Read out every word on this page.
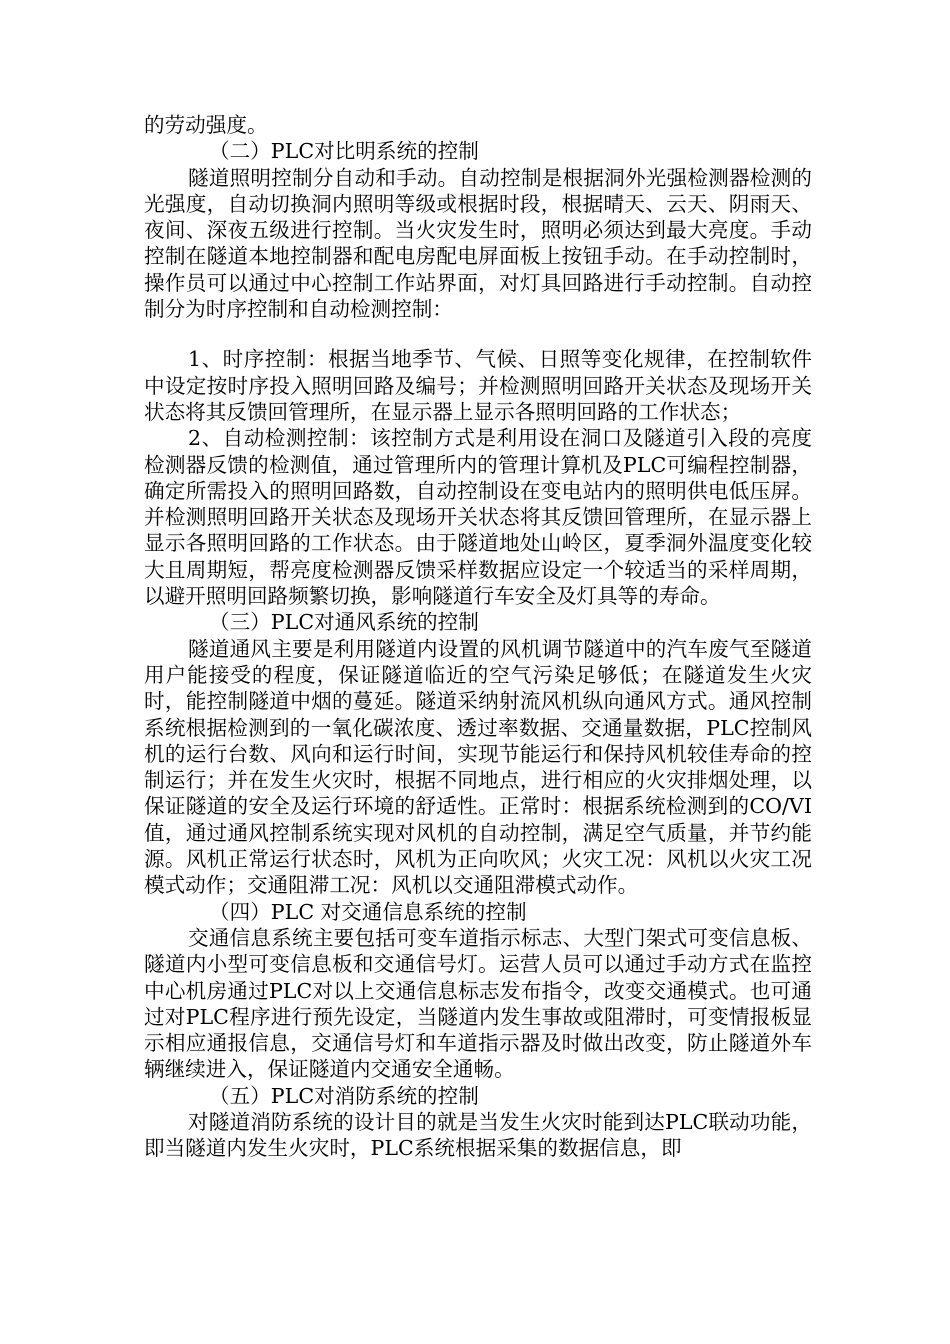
的劳动强度。

（二）PLC对比明系统的控制

隧道照明控制分自动和手动。自动控制是根据洞外光强检测器检测的光强度，自动切换洞内照明等级或根据时段，根据晴天、云天、阴雨天、夜间、深夜五级进行控制。当火灾发生时，照明必须达到最大亮度。手动控制在隧道本地控制器和配电房配电屏面板上按钮手动。在手动控制时，操作员可以通过中心控制工作站界面，对灯具回路进行手动控制。自动控制分为时序控制和自动检测控制：

1、时序控制：根据当地季节、气候、日照等变化规律，在控制软件中设定按时序投入照明回路及编号；并检测照明回路开关状态及现场开关状态将其反馈回管理所，在显示器上显示各照明回路的工作状态；

2、自动检测控制：该控制方式是利用设在洞口及隧道引入段的亮度检测器反馈的检测值，通过管理所内的管理计算机及PLC可编程控制器，确定所需投入的照明回路数，自动控制设在变电站内的照明供电低压屏。并检测照明回路开关状态及现场开关状态将其反馈回管理所，在显示器上显示各照明回路的工作状态。由于隧道地处山岭区，夏季洞外温度变化较大且周期短，帮亮度检测器反馈采样数据应设定一个较适当的采样周期，以避开照明回路频繁切换，影响隧道行车安全及灯具等的寿命。

（三）PLC对通风系统的控制

隧道通风主要是利用隧道内设置的风机调节隧道中的汽车废气至隧道用户能接受的程度，保证隧道临近的空气污染足够低；在隧道发生火灾时，能控制隧道中烟的蔓延。隧道采纳射流风机纵向通风方式。通风控制系统根据检测到的一氧化碳浓度、透过率数据、交通量数据，PLC控制风机的运行台数、风向和运行时间，实现节能运行和保持风机较佳寿命的控制运行；并在发生火灾时，根据不同地点，进行相应的火灾排烟处理，以保证隧道的安全及运行环境的舒适性。正常时：根据系统检测到的CO/VI值，通过通风控制系统实现对风机的自动控制，满足空气质量，并节约能源。风机正常运行状态时，风机为正向吹风；火灾工况：风机以火灾工况模式动作；交通阻滞工况：风机以交通阻滞模式动作。

（四）PLC 对交通信息系统的控制

交通信息系统主要包括可变车道指示标志、大型门架式可变信息板、隧道内小型可变信息板和交通信号灯。运营人员可以通过手动方式在监控中心机房通过PLC对以上交通信息标志发布指令，改变交通模式。也可通过对PLC程序进行预先设定，当隧道内发生事故或阻滞时，可变情报板显示相应通报信息，交通信号灯和车道指示器及时做出改变，防止隧道外车辆继续进入，保证隧道内交通安全通畅。

（五）PLC对消防系统的控制

对隧道消防系统的设计目的就是当发生火灾时能到达PLC联动功能，即当隧道内发生火灾时，PLC系统根据采集的数据信息，即
